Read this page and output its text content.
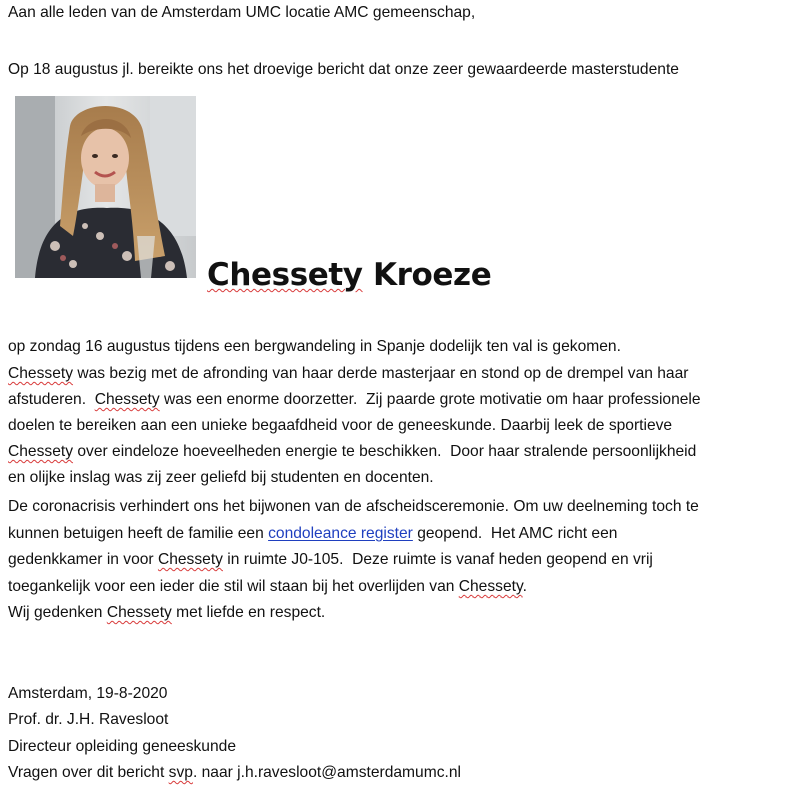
Aan alle leden van de Amsterdam UMC locatie AMC gemeenschap,
Op 18 augustus jl. bereikte ons het droevige bericht dat onze zeer gewaardeerde masterstudente
Chessety Kroeze
op zondag 16 augustus tijdens een bergwandeling in Spanje dodelijk ten val is gekomen.
Chessety was bezig met de afronding van haar derde masterjaar en stond op de drempel van haar
afstuderen.  Chessety was een enorme doorzetter.  Zij paarde grote motivatie om haar professionele
doelen te bereiken aan een unieke begaafdheid voor de geneeskunde. Daarbij leek de sportieve
Chessety over eindeloze hoeveelheden energie te beschikken.  Door haar stralende persoonlijkheid
en olijke inslag was zij zeer geliefd bij studenten en docenten.
De coronacrisis verhindert ons het bijwonen van de afscheidsceremonie. Om uw deelneming toch te
kunnen betuigen heeft de familie een condoleance register geopend.  Het AMC richt een
gedenkkamer in voor Chessety in ruimte J0-105.  Deze ruimte is vanaf heden geopend en vrij
toegankelijk voor een ieder die stil wil staan bij het overlijden van Chessety.
Wij gedenken Chessety met liefde en respect.
Amsterdam, 19-8-2020
Prof. dr. J.H. Ravesloot
Directeur opleiding geneeskunde
Vragen over dit bericht svp. naar j.h.ravesloot@amsterdamumc.nl
